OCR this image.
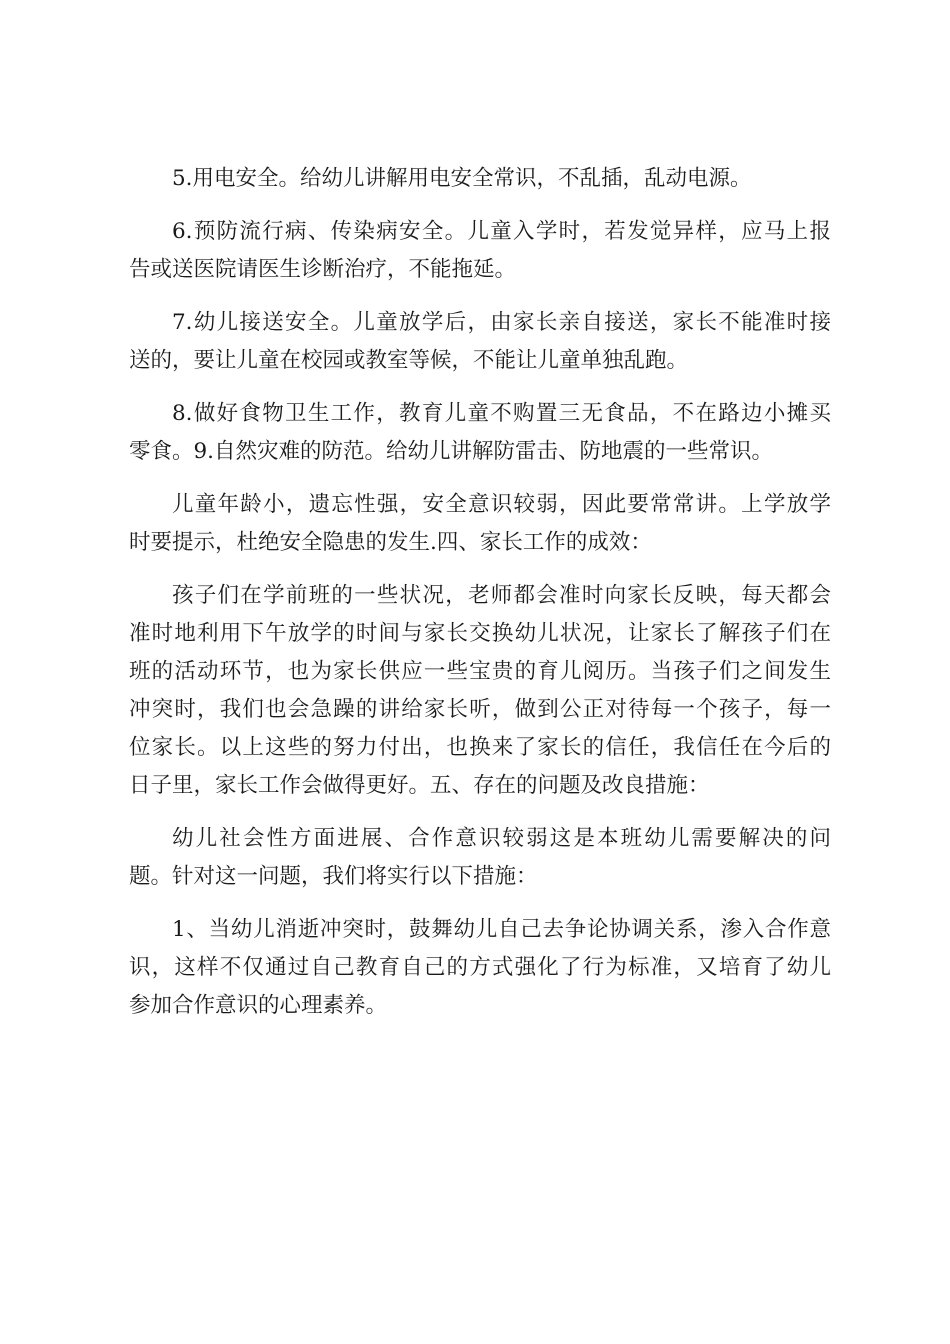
5.用电安全。给幼儿讲解用电安全常识，不乱插，乱动电源。

6.预防流行病、传染病安全。儿童入学时，若发觉异样，应马上报
告或送医院请医生诊断治疗，不能拖延。

7.幼儿接送安全。儿童放学后，由家长亲自接送，家长不能准时接
送的，要让儿童在校园或教室等候，不能让儿童单独乱跑。

8.做好食物卫生工作，教育儿童不购置三无食品，不在路边小摊买
零食。9.自然灾难的防范。给幼儿讲解防雷击、防地震的一些常识。

儿童年龄小，遗忘性强，安全意识较弱，因此要常常讲。上学放学
时要提示，杜绝安全隐患的发生.四、家长工作的成效：

孩子们在学前班的一些状况，老师都会准时向家长反映，每天都会
准时地利用下午放学的时间与家长交换幼儿状况，让家长了解孩子们在
班的活动环节，也为家长供应一些宝贵的育儿阅历。当孩子们之间发生
冲突时，我们也会急躁的讲给家长听，做到公正对待每一个孩子，每一
位家长。以上这些的努力付出，也换来了家长的信任，我信任在今后的
日子里，家长工作会做得更好。五、存在的问题及改良措施：

幼儿社会性方面进展、合作意识较弱这是本班幼儿需要解决的问
题。针对这一问题，我们将实行以下措施：

1、当幼儿消逝冲突时，鼓舞幼儿自己去争论协调关系，渗入合作意
识，这样不仅通过自己教育自己的方式强化了行为标准，又培育了幼儿
参加合作意识的心理素养。
